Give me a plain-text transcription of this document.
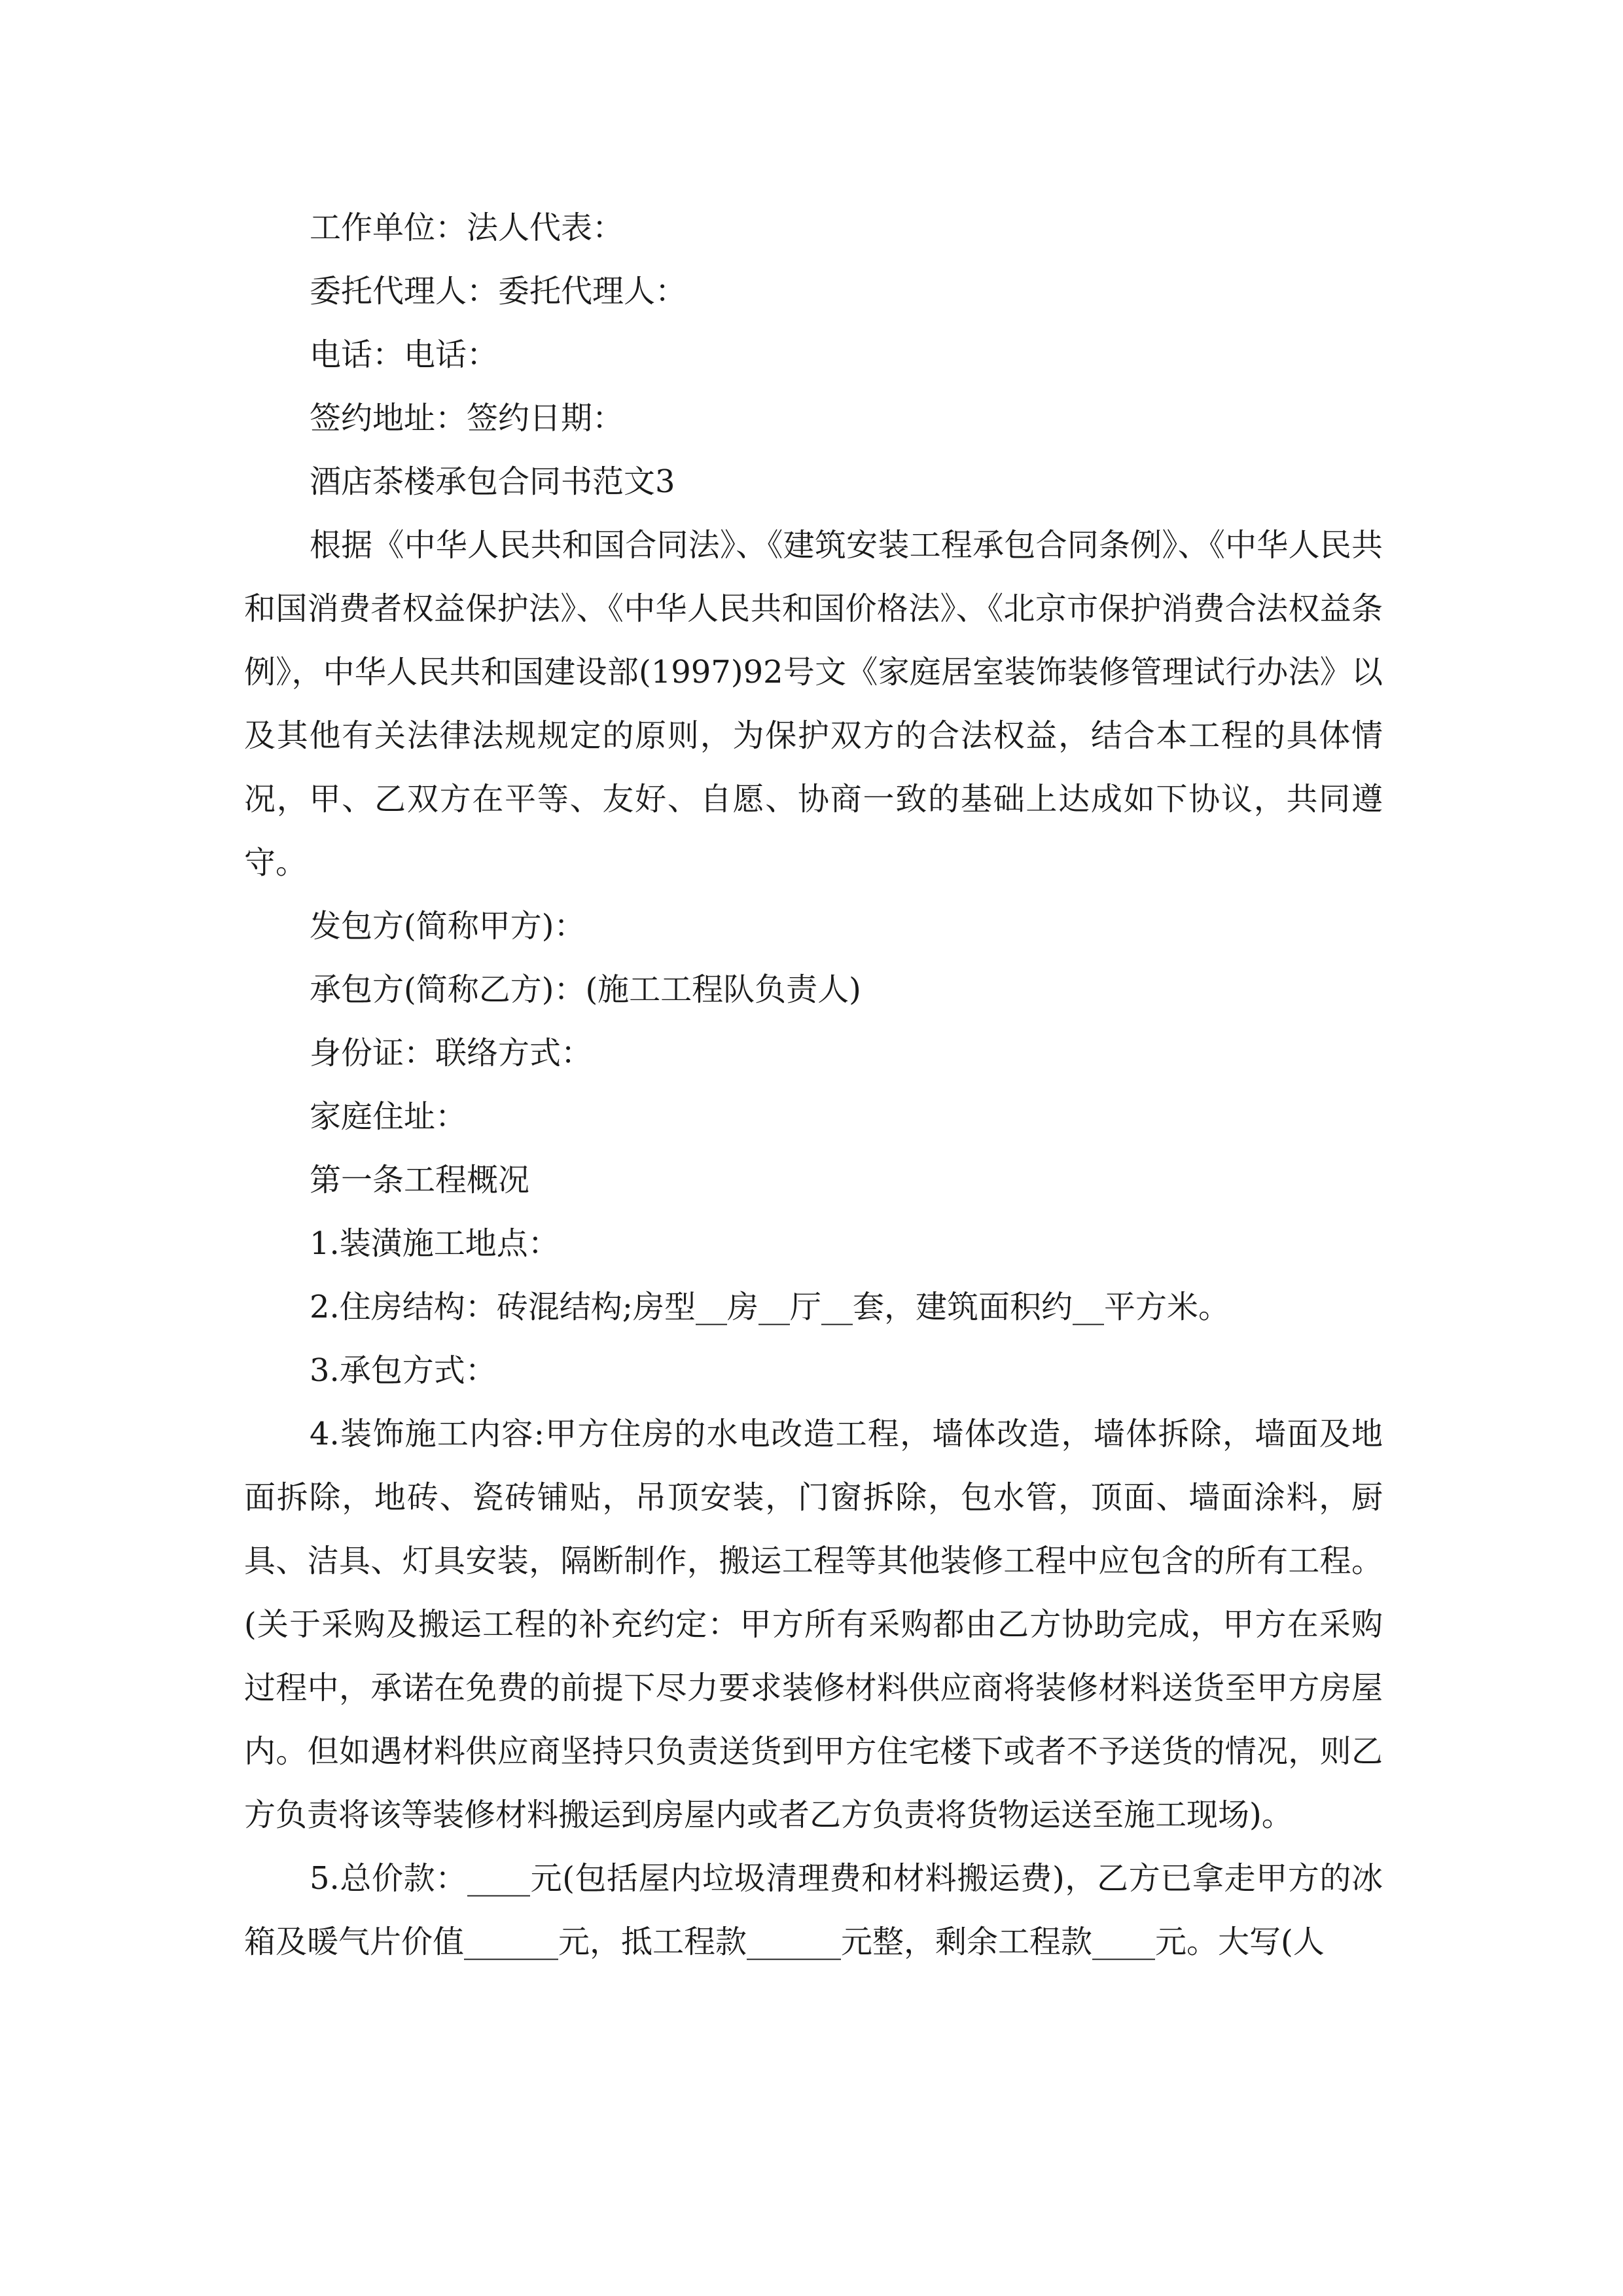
工作单位：法人代表：
委托代理人：委托代理人：
电话：电话：
签约地址：签约日期：
酒店茶楼承包合同书范文3

根据《中华人民共和国合同法》、《建筑安装工程承包合同条例》、《中华人民共和国消费者权益保护法》、《中华人民共和国价格法》、《北京市保护消费合法权益条例》，中华人民共和国建设部(1997)92号文《家庭居室装饰装修管理试行办法》以及其他有关法律法规规定的原则，为保护双方的合法权益，结合本工程的具体情况，甲、乙双方在平等、友好、自愿、协商一致的基础上达成如下协议，共同遵守。

发包方(简称甲方)：
承包方(简称乙方)：(施工工程队负责人)
身份证：联络方式：
家庭住址：
第一条工程概况
1.装潢施工地点：
2.住房结构：砖混结构;房型__房__厅__套，建筑面积约__平方米。
3.承包方式：

4.装饰施工内容:甲方住房的水电改造工程，墙体改造，墙体拆除，墙面及地面拆除，地砖、瓷砖铺贴，吊顶安装，门窗拆除，包水管，顶面、墙面涂料，厨具、洁具、灯具安装，隔断制作，搬运工程等其他装修工程中应包含的所有工程。(关于采购及搬运工程的补充约定：甲方所有采购都由乙方协助完成，甲方在采购过程中，承诺在免费的前提下尽力要求装修材料供应商将装修材料送货至甲方房屋内。但如遇材料供应商坚持只负责送货到甲方住宅楼下或者不予送货的情况，则乙方负责将该等装修材料搬运到房屋内或者乙方负责将货物运送至施工现场)。

5.总价款：____元(包括屋内垃圾清理费和材料搬运费)，乙方已拿走甲方的冰箱及暖气片价值______元，抵工程款______元整，剩余工程款____元。大写(人
